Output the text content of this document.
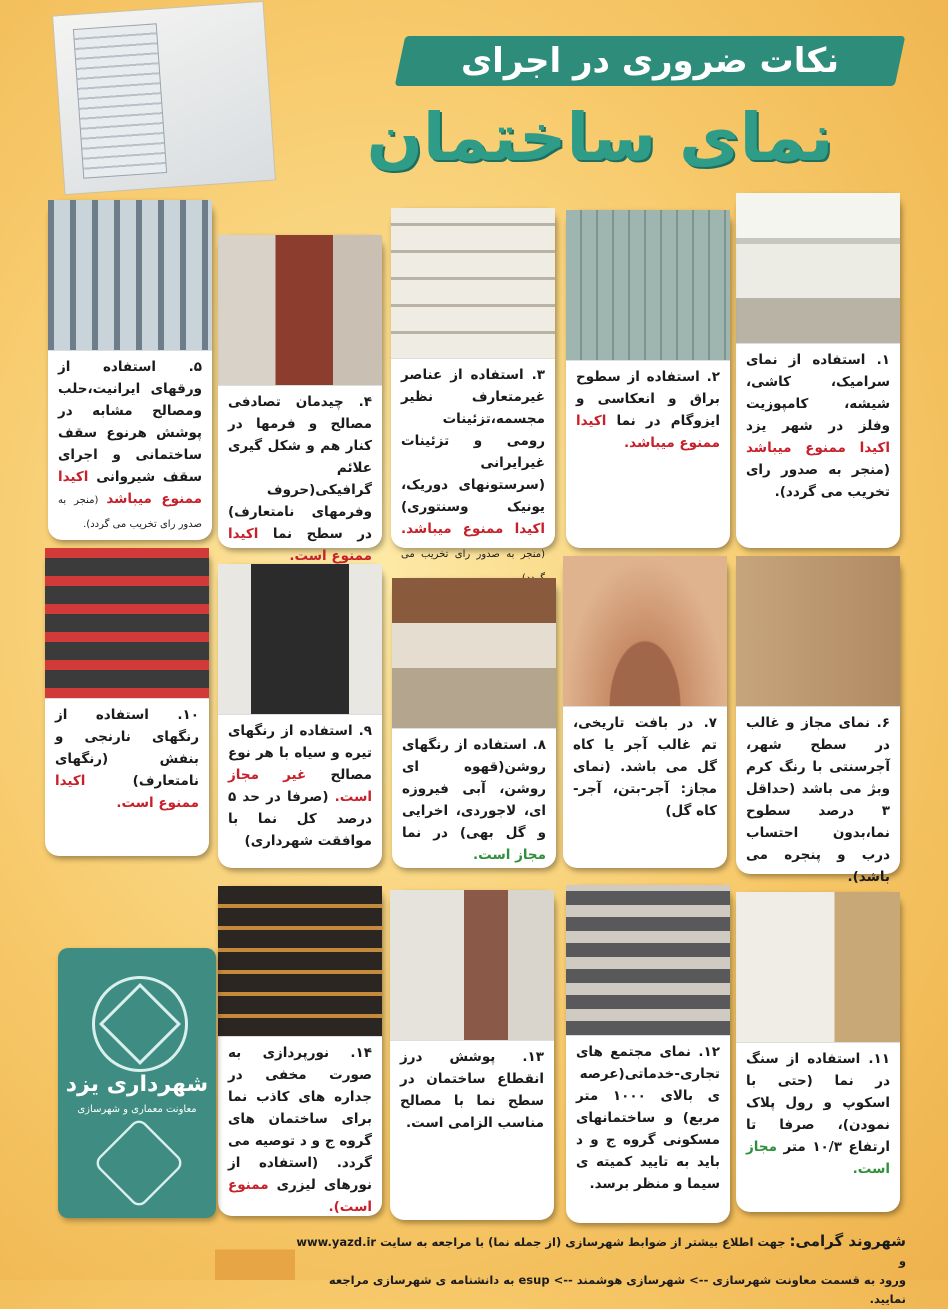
نکات ضروری در اجرای
نمای ساختمان
۱. استفاده از نمای سرامیک، کاشی، شیشه، کامپوزیت وفلز در شهر یزد اکیدا ممنوع میباشد (منجر به صدور رای تخریب می گردد).
۲. استفاده از سطوح براق و انعکاسی و ایزوگام در نما اکیدا ممنوع میباشد.
۳. استفاده از عناصر غیرمتعارف نظیر مجسمه،تزئینات رومی و تزئینات غیرایرانی (سرستونهای دوریک، یونیک وسنتوری) اکیدا ممنوع میباشد. (منجر به صدور رای تخریب می
۴. چیدمان تصادفی مصالح و فرمها در کنار هم و شکل گیری علائم گرافیکی(حروف وفرمهای نامتعارف) در سطح نما اکیدا ممنوع است.
۵. استفاده از ورقهای ایرانیت،حلب ومصالح مشابه در پوشش هرنوع سقف ساختمانی و اجرای سقف شیروانی اکیدا ممنوع میباشد (منجر به صدور رای تخریب می گردد).
۶. نمای مجاز و غالب در سطح شهر، آجرسنتی با رنگ کرم وبژ می باشد (حداقل ۳ درصد سطوح نما،بدون احتساب درب و پنجره می باشد).
۷. در بافت تاریخی، تم غالب آجر یا کاه گل می باشد. (نمای مجاز: آجر-بتن، آجر-کاه گل)
۸. استفاده از رنگهای روشن(قهوه ای روشن، آبی فیروزه ای، لاجوردی، اخرایی و گل بهی) در نما مجاز است.
۹. استفاده از رنگهای تیره و سیاه با هر نوع مصالح غیر مجاز است. (صرفا در حد ۵ درصد کل نما با موافقت شهرداری)
۱۰. استفاده از رنگهای نارنجی و بنفش (رنگهای نامتعارف) اکیدا ممنوع است.
۱۱. استفاده از سنگ در نما (حتی با اسکوپ و رول پلاک نمودن)، صرفا تا ارتفاع ۱۰/۳ متر مجاز است.
۱۲. نمای مجتمع های تجاری-خدماتی(عرصه ی بالای ۱۰۰۰ متر مربع) و ساختمانهای مسکونی گروه ج و د باید به تایید کمیته ی سیما و منظر برسد.
۱۳. پوشش درز انقطاع ساختمان در سطح نما با مصالح مناسب الزامی است.
۱۴. نورپردازی به صورت مخفی در جداره های کاذب نما برای ساختمان های گروه ج و د توصیه می گردد. (استفاده از نورهای لیزری ممنوع است).
شهرداری یزد
معاونت معماری و شهرسازی
شهروند گرامی: جهت اطلاع بیشتر از ضوابط شهرسازی (از جمله نما) با مراجعه به سایت www.yazd.ir و
ورود به قسمت معاونت شهرسازی --> شهرسازی هوشمند --> esup به دانشنامه ی شهرسازی مراجعه نمایید.
